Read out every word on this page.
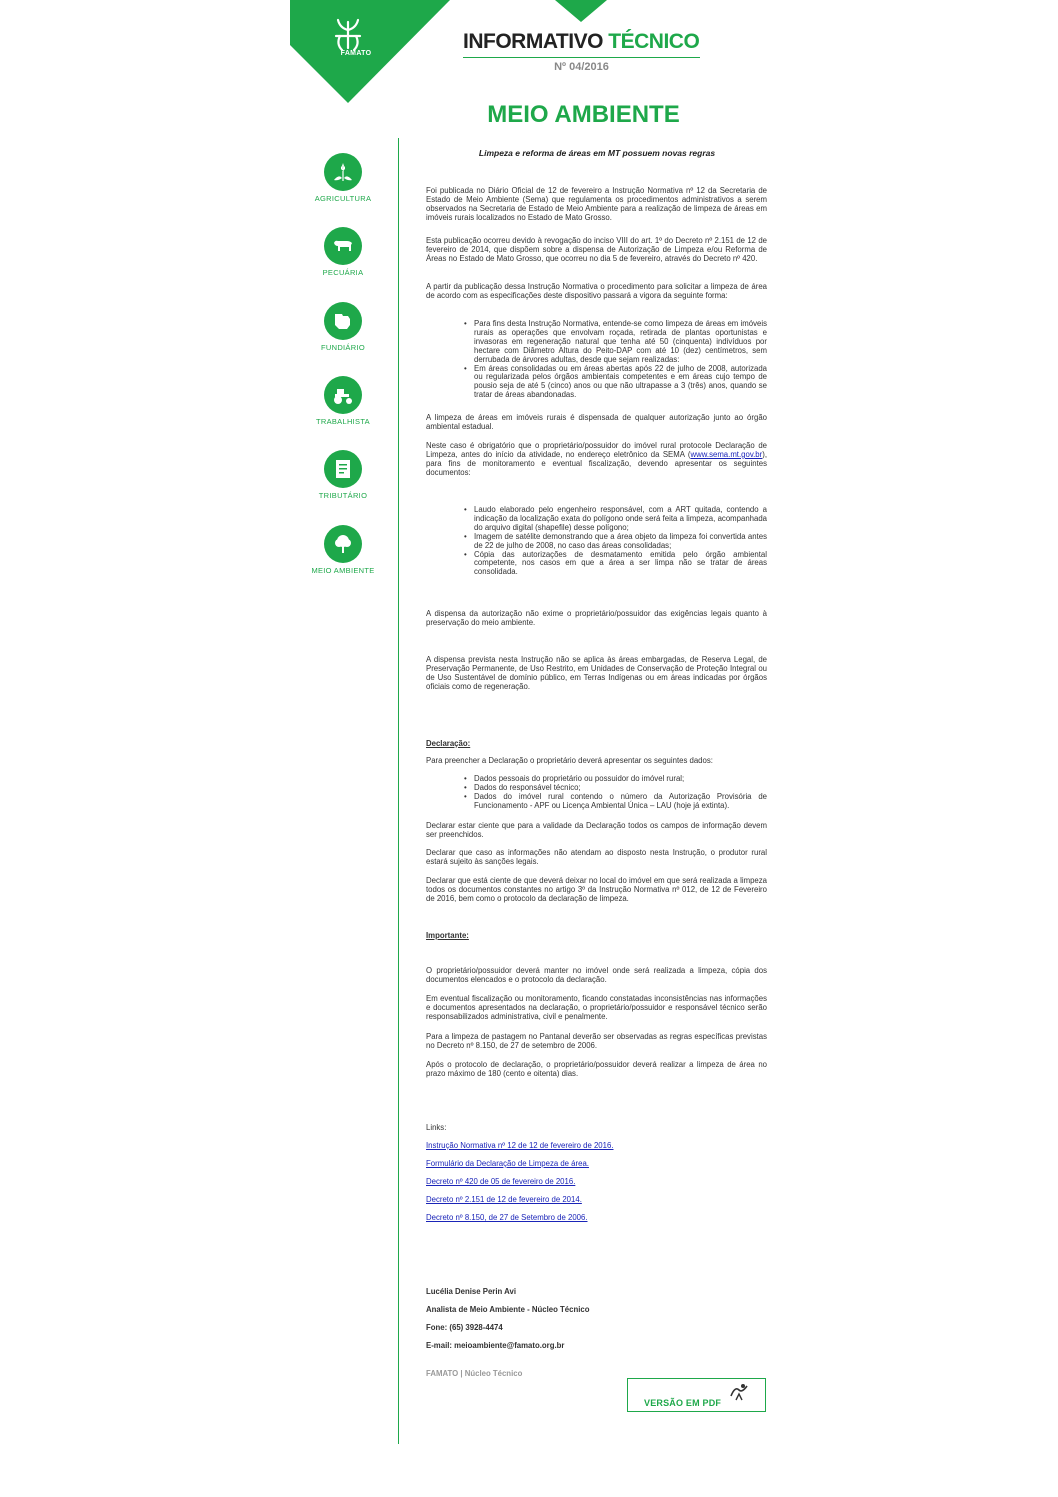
FAMATO
INFORMATIVO TÉCNICO
Nº 04/2016
MEIO AMBIENTE
AGRICULTURA
PECUÁRIA
FUNDIÁRIO
TRABALHISTA
TRIBUTÁRIO
MEIO AMBIENTE
Limpeza e reforma de áreas em MT possuem novas regras

Foi publicada no Diário Oficial de 12 de fevereiro a Instrução Normativa nº 12 da Secretaria de Estado de Meio Ambiente (Sema) que regulamenta os procedimentos administrativos a serem observados na Secretaria de Estado de Meio Ambiente para a realização de limpeza de áreas em imóveis rurais localizados no Estado de Mato Grosso.

Esta publicação ocorreu devido à revogação do inciso VIII do art. 1º do Decreto nº 2.151 de 12 de fevereiro de 2014, que dispõem sobre a dispensa de Autorização de Limpeza e/ou Reforma de Áreas no Estado de Mato Grosso, que ocorreu no dia 5 de fevereiro, através do Decreto nº 420.

A partir da publicação dessa Instrução Normativa o procedimento para solicitar a limpeza de área de acordo com as especificações deste dispositivo passará a vigora da seguinte forma:

• Para fins desta Instrução Normativa, entende-se como limpeza de áreas em imóveis rurais as operações que envolvam roçada, retirada de plantas oportunistas e invasoras em regeneração natural que tenha até 50 (cinquenta) indivíduos por hectare com Diâmetro Altura do Peito-DAP com até 10 (dez) centímetros, sem derrubada de árvores adultas, desde que sejam realizadas:
• Em áreas consolidadas ou em áreas abertas após 22 de julho de 2008, autorizada ou regularizada pelos órgãos ambientais competentes e em áreas cujo tempo de pousio seja de até 5 (cinco) anos ou que não ultrapasse a 3 (três) anos, quando se tratar de áreas abandonadas.

A limpeza de áreas em imóveis rurais é dispensada de qualquer autorização junto ao órgão ambiental estadual.

Neste caso é obrigatório que o proprietário/possuidor do imóvel rural protocole Declaração de Limpeza, antes do início da atividade, no endereço eletrônico da SEMA (www.sema.mt.gov.br), para fins de monitoramento e eventual fiscalização, devendo apresentar os seguintes documentos:

• Laudo elaborado pelo engenheiro responsável, com a ART quitada, contendo a indicação da localização exata do polígono onde será feita a limpeza, acompanhada do arquivo digital (shapefile) desse polígono;
• Imagem de satélite demonstrando que a área objeto da limpeza foi convertida antes de 22 de julho de 2008, no caso das áreas consolidadas;
• Cópia das autorizações de desmatamento emitida pelo órgão ambiental competente, nos casos em que a área a ser limpa não se tratar de áreas consolidada.

A dispensa da autorização não exime o proprietário/possuidor das exigências legais quanto à preservação do meio ambiente.

A dispensa prevista nesta Instrução não se aplica às áreas embargadas, de Reserva Legal, de Preservação Permanente, de Uso Restrito, em Unidades de Conservação de Proteção Integral ou de Uso Sustentável de domínio público, em Terras Indígenas ou em áreas indicadas por órgãos oficiais como de regeneração.

Declaração:

Para preencher a Declaração o proprietário deverá apresentar os seguintes dados:

• Dados pessoais do proprietário ou possuidor do imóvel rural;
• Dados do responsável técnico;
• Dados do imóvel rural contendo o número da Autorização Provisória de Funcionamento - APF ou Licença Ambiental Única – LAU (hoje já extinta).

Declarar estar ciente que para a validade da Declaração todos os campos de informação devem ser preenchidos.

Declarar que caso as informações não atendam ao disposto nesta Instrução, o produtor rural estará sujeito às sanções legais.

Declarar que está ciente de que deverá deixar no local do imóvel em que será realizada a limpeza todos os documentos constantes no artigo 3º da Instrução Normativa nº 012, de 12 de Fevereiro de 2016, bem como o protocolo da declaração de limpeza.

Importante:

O proprietário/possuidor deverá manter no imóvel onde será realizada a limpeza, cópia dos documentos elencados e o protocolo da declaração.

Em eventual fiscalização ou monitoramento, ficando constatadas inconsistências nas informações e documentos apresentados na declaração, o proprietário/possuidor e responsável técnico serão responsabilizados administrativa, civil e penalmente.

Para a limpeza de pastagem no Pantanal deverão ser observadas as regras específicas previstas no Decreto nº 8.150, de 27 de setembro de 2006.

Após o protocolo de declaração, o proprietário/possuidor deverá realizar a limpeza de área no prazo máximo de 180 (cento e oitenta) dias.

Links:

Instrução Normativa nº 12 de 12 de fevereiro de 2016.

Formulário da Declaração de Limpeza de área.

Decreto nº 420 de 05 de fevereiro de 2016.

Decreto nº 2.151 de 12 de fevereiro de 2014.

Decreto nº 8.150, de 27 de Setembro de 2006.

Lucélia Denise Perin Avi
Analista de Meio Ambiente - Núcleo Técnico
Fone: (65) 3928-4474
E-mail: meioambiente@famato.org.br
FAMATO | Núcleo Técnico
VERSÃO EM PDF
